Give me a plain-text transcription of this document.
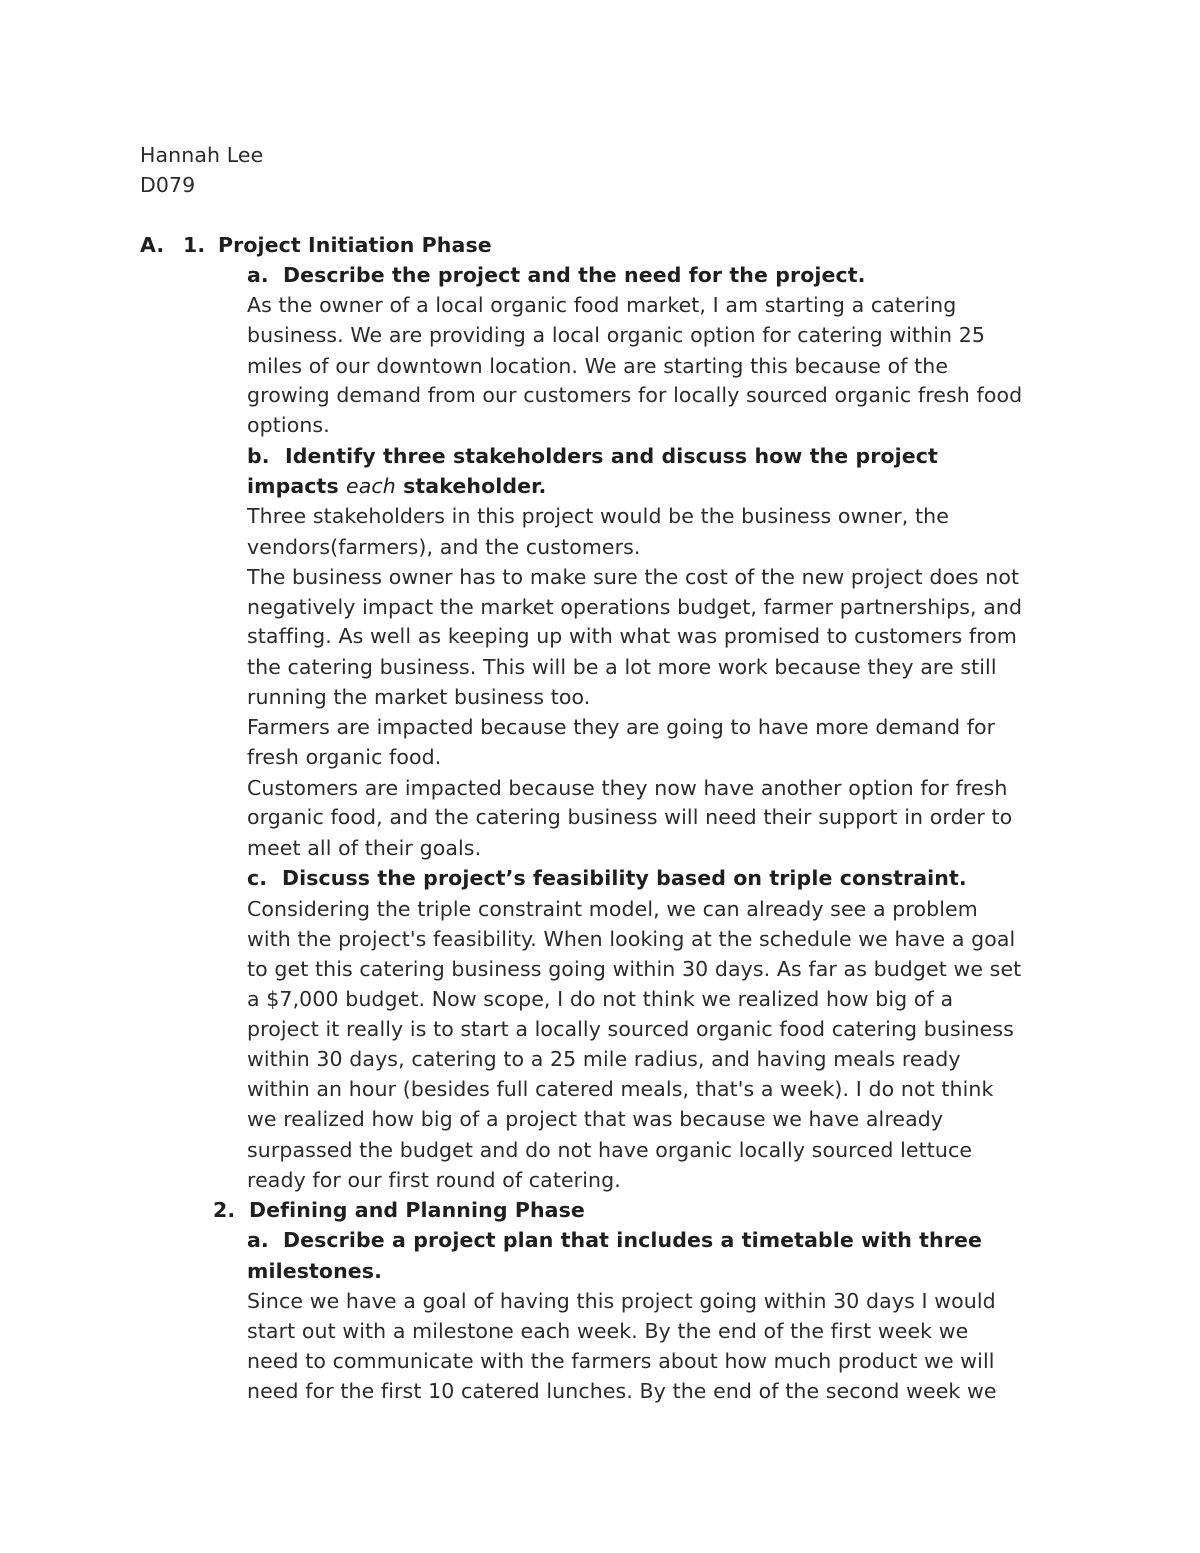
Hannah Lee
D079
A. 1. Project Initiation Phase
a. Describe the project and the need for the project.
As the owner of a local organic food market, I am starting a catering
business. We are providing a local organic option for catering within 25
miles of our downtown location. We are starting this because of the
growing demand from our customers for locally sourced organic fresh food
options.
b. Identify three stakeholders and discuss how the project
impacts each stakeholder.
Three stakeholders in this project would be the business owner, the
vendors(farmers), and the customers.
The business owner has to make sure the cost of the new project does not
negatively impact the market operations budget, farmer partnerships, and
staffing. As well as keeping up with what was promised to customers from
the catering business. This will be a lot more work because they are still
running the market business too.
Farmers are impacted because they are going to have more demand for
fresh organic food.
Customers are impacted because they now have another option for fresh
organic food, and the catering business will need their support in order to
meet all of their goals.
c. Discuss the project’s feasibility based on triple constraint.
Considering the triple constraint model, we can already see a problem
with the project's feasibility. When looking at the schedule we have a goal
to get this catering business going within 30 days. As far as budget we set
a $7,000 budget. Now scope, I do not think we realized how big of a
project it really is to start a locally sourced organic food catering business
within 30 days, catering to a 25 mile radius, and having meals ready
within an hour (besides full catered meals, that's a week). I do not think
we realized how big of a project that was because we have already
surpassed the budget and do not have organic locally sourced lettuce
ready for our first round of catering.
2. Defining and Planning Phase
a. Describe a project plan that includes a timetable with three
milestones.
Since we have a goal of having this project going within 30 days I would
start out with a milestone each week. By the end of the first week we
need to communicate with the farmers about how much product we will
need for the first 10 catered lunches. By the end of the second week we
